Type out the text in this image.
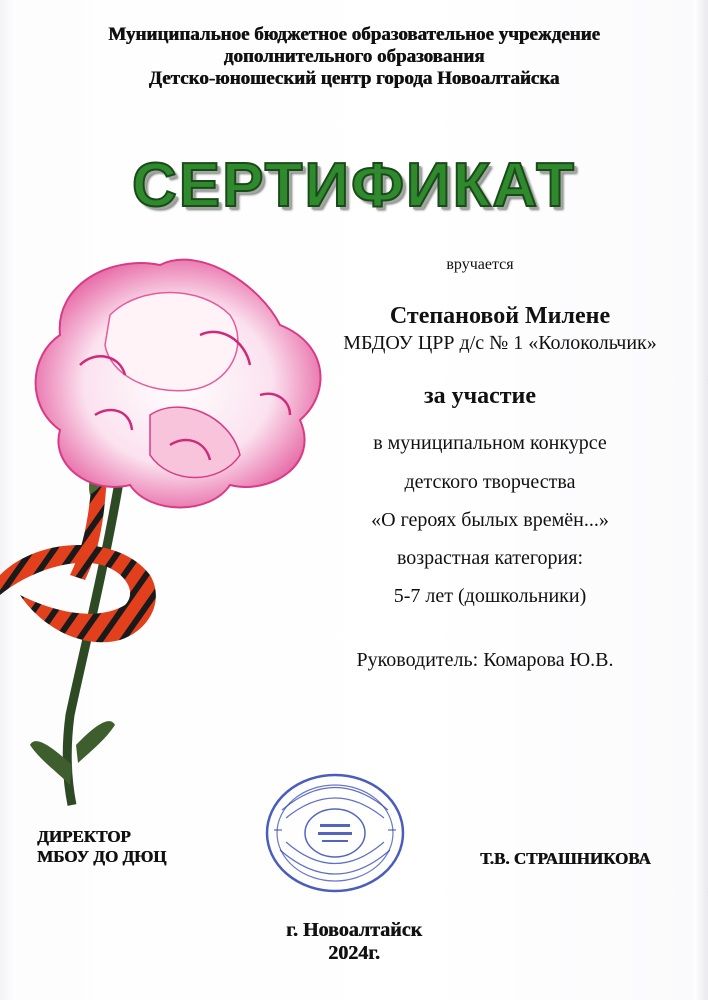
Муниципальное бюджетное образовательное учреждение
дополнительного образования
Детско-юношеский центр города Новоалтайска
СЕРТИФИКАТ
вручается
Степановой Милене
МБДОУ ЦРР д/с № 1 «Колокольчик»
за участие
в муниципальном конкурсе
детского творчества
«О героях былых времён...»
возрастная категория:
5-7 лет (дошкольники)
Руководитель: Комарова Ю.В.
ДИРЕКТОР
МБОУ ДО ДЮЦ	Т.В. СТРАШНИКОВА
г. Новоалтайск
2024г.
